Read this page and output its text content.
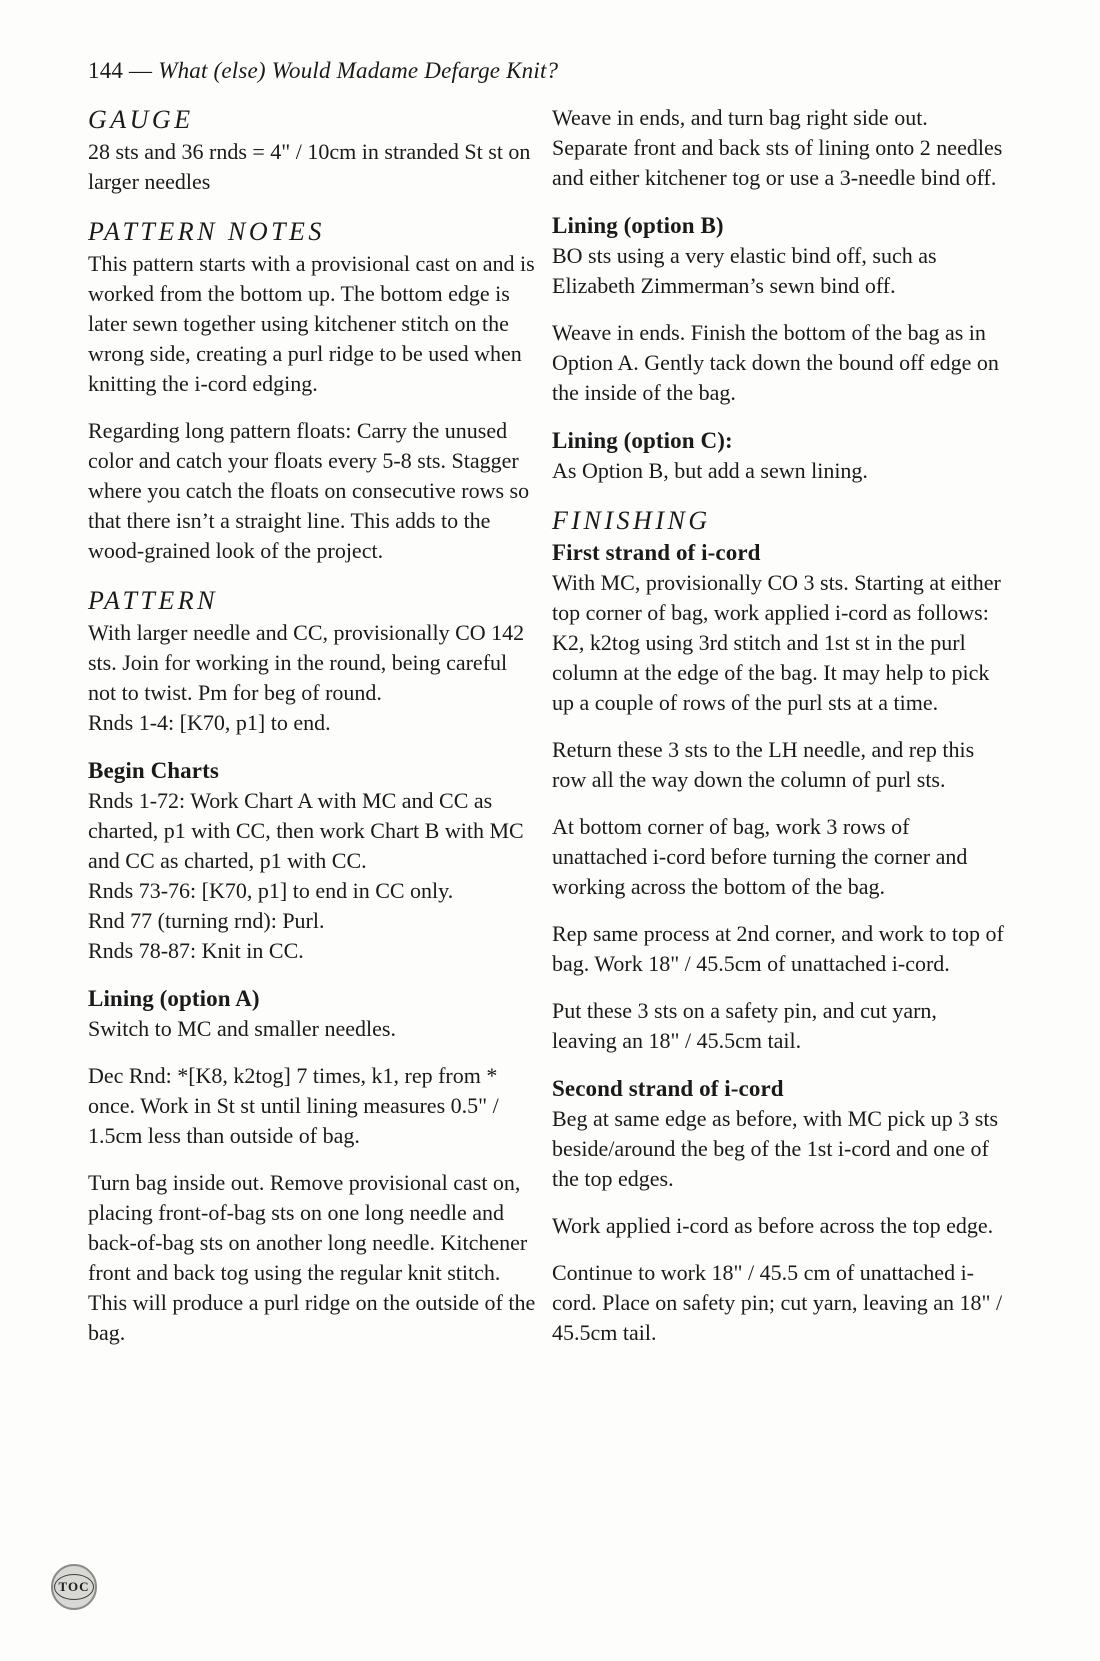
144 — What (else) Would Madame Defarge Knit?
GAUGE
28 sts and 36 rnds = 4" / 10cm in stranded St st on larger needles
PATTERN NOTES
This pattern starts with a provisional cast on and is worked from the bottom up. The bottom edge is later sewn together using kitchener stitch on the wrong side, creating a purl ridge to be used when knitting the i-cord edging.
Regarding long pattern floats: Carry the unused color and catch your floats every 5-8 sts. Stagger where you catch the floats on consecutive rows so that there isn’t a straight line. This adds to the wood-grained look of the project.
PATTERN
With larger needle and CC, provisionally CO 142 sts. Join for working in the round, being careful not to twist. Pm for beg of round.
Rnds 1-4: [K70, p1] to end.
Begin Charts
Rnds 1-72: Work Chart A with MC and CC as charted, p1 with CC, then work Chart B with MC and CC as charted, p1 with CC.
Rnds 73-76: [K70, p1] to end in CC only.
Rnd 77 (turning rnd): Purl.
Rnds 78-87: Knit in CC.
Lining (option A)
Switch to MC and smaller needles.
Dec Rnd: *[K8, k2tog] 7 times, k1, rep from * once. Work in St st until lining measures 0.5" / 1.5cm less than outside of bag.
Turn bag inside out. Remove provisional cast on, placing front-of-bag sts on one long needle and back-of-bag sts on another long needle. Kitchener front and back tog using the regular knit stitch. This will produce a purl ridge on the outside of the bag.
Weave in ends, and turn bag right side out. Separate front and back sts of lining onto 2 needles and either kitchener tog or use a 3-needle bind off.
Lining (option B)
BO sts using a very elastic bind off, such as Elizabeth Zimmerman’s sewn bind off.
Weave in ends. Finish the bottom of the bag as in Option A. Gently tack down the bound off edge on the inside of the bag.
Lining (option C):
As Option B, but add a sewn lining.
FINISHING
First strand of i-cord
With MC, provisionally CO 3 sts. Starting at either top corner of bag, work applied i-cord as follows: K2, k2tog using 3rd stitch and 1st st in the purl column at the edge of the bag. It may help to pick up a couple of rows of the purl sts at a time.
Return these 3 sts to the LH needle, and rep this row all the way down the column of purl sts.
At bottom corner of bag, work 3 rows of unattached i-cord before turning the corner and working across the bottom of the bag.
Rep same process at 2nd corner, and work to top of bag. Work 18" / 45.5cm of unattached i-cord.
Put these 3 sts on a safety pin, and cut yarn, leaving an 18" / 45.5cm tail.
Second strand of i-cord
Beg at same edge as before, with MC pick up 3 sts beside/around the beg of the 1st i-cord and one of the top edges.
Work applied i-cord as before across the top edge.
Continue to work 18" / 45.5 cm of unattached i-cord. Place on safety pin; cut yarn, leaving an 18" / 45.5cm tail.
TOC
